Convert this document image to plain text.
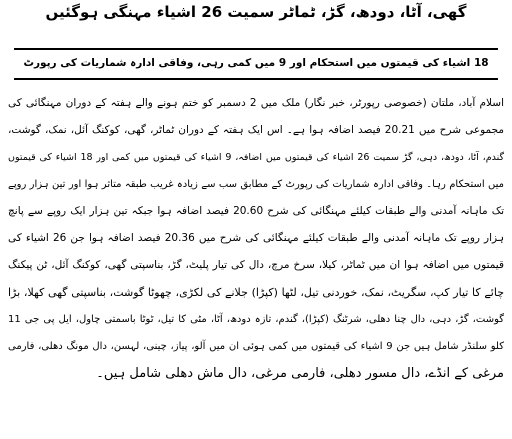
گھی، آٹا، دودھ، گڑ، ٹماٹر سمیت 26 اشیاء مہنگی ہوگئیں
18 اشیاء کی قیمتوں میں استحکام اور 9 میں کمی رہی، وفاقی ادارہ شماریات کی رپورٹ
اسلام آباد، ملتان (خصوصی رپورٹر، خبر نگار) ملک میں 2 دسمبر کو ختم ہونے والے ہفتہ کے دوران مہنگائی کی
مجموعی شرح میں 20.21 فیصد اضافہ ہوا ہے۔ اس ایک ہفتہ کے دوران ٹماٹر، گھی، کوکنگ آئل، نمک، گوشت،
گندم، آٹا، دودھ، دہی، گڑ سمیت 26 اشیاء کی قیمتوں میں اضافہ، 9 اشیاء کی قیمتوں میں کمی اور 18 اشیاء کی قیمتوں
میں استحکام رہا۔ وفاقی ادارہ شماریات کی رپورٹ کے مطابق سب سے زیادہ غریب طبقہ متاثر ہوا اور تین ہزار روپے
تک ماہانہ آمدنی والے طبقات کیلئے مہنگائی کی شرح 20.60 فیصد اضافہ ہوا جبکہ تین ہزار ایک روپے سے پانچ
ہزار روپے تک ماہانہ آمدنی والے طبقات کیلئے مہنگائی کی شرح میں 20.36 فیصد اضافہ ہوا جن 26 اشیاء کی
قیمتوں میں اضافہ ہوا ان میں ٹماٹر، کیلا، سرخ مرچ، دال کی تیار پلیٹ، گڑ، بناسپتی گھی، کوکنگ آئل، ٹن پیکنگ
چائے کا تیار کپ، سگریٹ، نمک، خوردنی تیل، لٹھا (کپڑا) جلانے کی لکڑی، چھوٹا گوشت، بناسپتی گھی کھلا، بڑا
گوشت، گڑ، دہی، دال چنا دھلی، شرٹنگ (کپڑا)، گندم، تازہ دودھ، آٹا، مٹی کا تیل، ٹوٹا باسمتی چاول، ایل پی جی 11
کلو سلنڈر شامل ہیں جن 9 اشیاء کی قیمتوں میں کمی ہوئی ان میں آلو، پیاز، چینی، لہسن، دال مونگ دھلی، فارمی
مرغی کے انڈے، دال مسور دھلی، فارمی مرغی، دال ماش دھلی شامل ہیں۔
